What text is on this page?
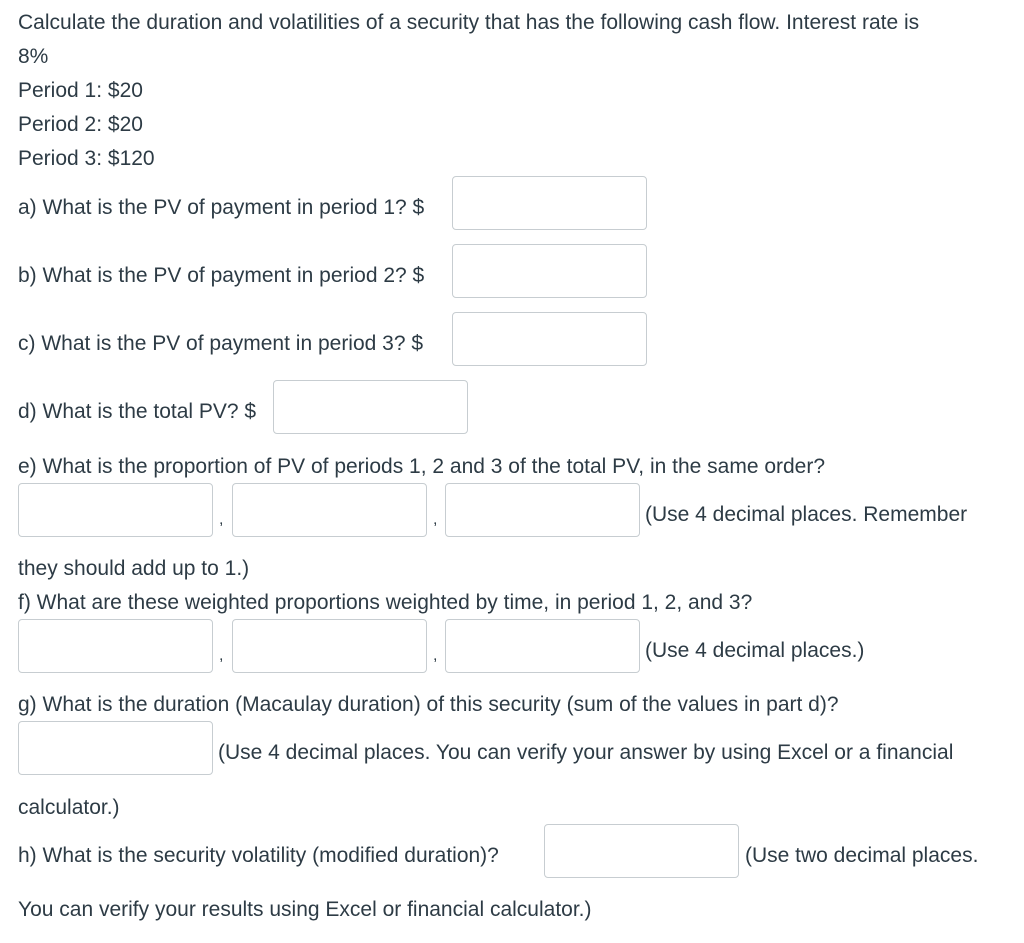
Calculate the duration and volatilities of a security that has the following cash flow. Interest rate is
8%
Period 1: $20
Period 2: $20
Period 3: $120
a) What is the PV of payment in period 1? $
b) What is the PV of payment in period 2? $
c) What is the PV of payment in period 3? $
d) What is the total PV? $
e) What is the proportion of PV of periods 1, 2 and 3 of the total PV, in the same order?
,	,	(Use 4 decimal places. Remember
they should add up to 1.)
f) What are these weighted proportions weighted by time, in period 1, 2, and 3?
,	,	(Use 4 decimal places.)
g) What is the duration (Macaulay duration) of this security (sum of the values in part d)?
(Use 4 decimal places. You can verify your answer by using Excel or a financial
calculator.)
h) What is the security volatility (modified duration)?	(Use two decimal places.
You can verify your results using Excel or financial calculator.)
